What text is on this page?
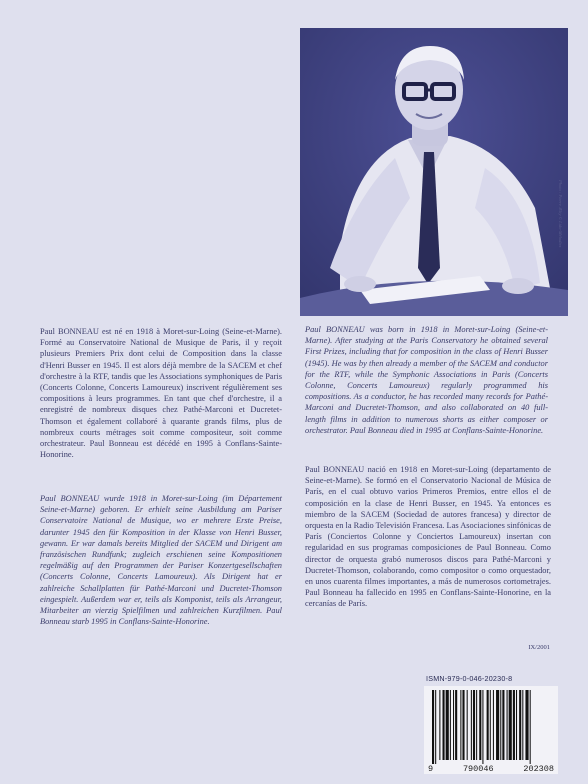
Photo : Pierre Ælty © Lido-Mélodies

Paul BONNEAU est né en 1918 à Moret-sur-Loing (Seine-et-Marne). Formé au Conservatoire National de Musique de Paris, il y reçoit plusieurs Premiers Prix dont celui de Composition dans la classe d'Henri Busser en 1945. Il est alors déjà membre de la SACEM et chef d'orchestre à la RTF, tandis que les Associations symphoniques de Paris (Concerts Colonne, Concerts Lamoureux) inscrivent régulièrement ses compositions à leurs programmes. En tant que chef d'orchestre, il a enregistré de nombreux disques chez Pathé-Marconi et Ducretet-Thomson et également collaboré à quarante grands films, plus de nombreux courts métrages soit comme compositeur, soit comme orchestrateur. Paul Bonneau est décédé en 1995 à Conflans-Sainte-Honorine.

Paul BONNEAU was born in 1918 in Moret-sur-Loing (Seine-et-Marne). After studying at the Paris Conservatory he obtained several First Prizes, including that for composition in the class of Henri Busser (1945). He was by then already a member of the SACEM and conductor for the RTF, while the Symphonic Associations in Paris (Concerts Colonne, Concerts Lamoureux) regularly programmed his compositions. As a conductor, he has recorded many records for Pathé-Marconi and Ducretet-Thomson, and also collaborated on 40 full-length films in addition to numerous shorts as either composer or orchestrator. Paul Bonneau died in 1995 at Conflans-Sainte-Honorine.

Paul BONNEAU wurde 1918 in Moret-sur-Loing (im Département Seine-et-Marne) geboren. Er erhielt seine Ausbildung am Pariser Conservatoire National de Musique, wo er mehrere Erste Preise, darunter 1945 den für Komposition in der Klasse von Henri Busser, gewann. Er war damals bereits Mitglied der SACEM und Dirigent am französischen Rundfunk; zugleich erschienen seine Kompositionen regelmäßig auf den Programmen der Pariser Konzertgesellschaften (Concerts Colonne, Concerts Lamoureux). Als Dirigent hat er zahlreiche Schallplatten für Pathé-Marconi und Ducretet-Thomson eingespielt. Außerdem war er, teils als Komponist, teils als Arrangeur, Mitarbeiter an vierzig Spielfilmen und zahlreichen Kurzfilmen. Paul Bonneau starb 1995 in Conflans-Sainte-Honorine.

Paul BONNEAU nació en 1918 en Moret-sur-Loing (departamento de Seine-et-Marne). Se formó en el Conservatorio Nacional de Música de París, en el cual obtuvo varios Primeros Premios, entre ellos el de composición en la clase de Henri Busser, en 1945. Ya entonces es miembro de la SACEM (Sociedad de autores francesa) y director de orquesta en la Radio Televisión Francesa. Las Asociaciones sinfónicas de París (Conciertos Colonne y Conciertos Lamoureux) insertan con regularidad en sus programas composiciones de Paul Bonneau. Como director de orquesta grabó numerosos discos para Pathé-Marconi y Ducretet-Thomson, colaborando, como compositor o como orquestador, en unos cuarenta filmes importantes, a más de numerosos cortometrajes. Paul Bonneau ha fallecido en 1995 en Conflans-Sainte-Honorine, en la cercanías de París.

IX/2001
ISMN-979-0-046-20230-8
9	790046	202308
